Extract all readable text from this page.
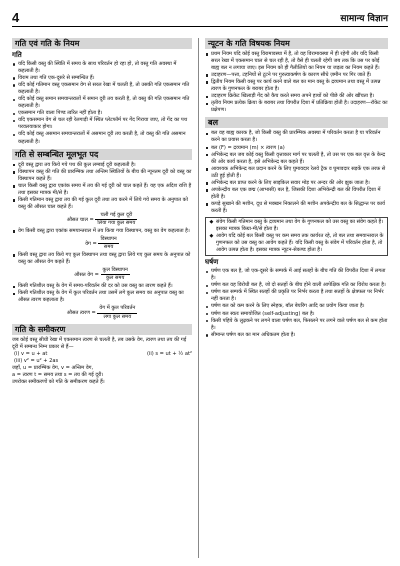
4	सामान्य विज्ञान
गति एवं गति के नियम
गति
यदि किसी वस्तु की स्थिति में समय के साथ परिवर्तन हो रहा हो, तो वस्तु गति अवस्था में कहलाती है।
विराम तथा गति एक-दूसरे से सम्बन्धित हैं।
यदि कोई गतिमान वस्तु एकसमान वेग से सरल रेखा में चलती है, तो उसकी गति एकसमान गति कहलाती है।
यदि कोई वस्तु समान समयान्तरालों में समान दूरी तय करती है, तो वस्तु की गति एकसमान गति कहलाती है।
एकसमान गति वाला पिण्ड त्वरित नहीं होता है।
यदि एकसमान वेग से चल रही रेलगाड़ी में स्थित प्लेटफॉर्म पर गेंद गिराया जाए, तो गेंद का पथ परवलयाकार होगा।
यदि कोई वस्तु असमान समयान्तरालों में असमान दूरी तय करती है, तो वस्तु की गति असमान कहलाती है।
गति से सम्बन्धित मूलभूत पद
दूरी वस्तु द्वारा तय किये गये पथ की कुल लम्बाई दूरी कहलाती है।
विस्थापन वस्तु की गति की प्रारम्भिक तथा अन्तिम स्थितियों के बीच की न्यूनतम दूरी को वस्तु का विस्थापन कहते हैं।
चाल किसी वस्तु द्वारा एकांक समय में तय की गई दूरी को चाल कहते हैं। यह एक अदिश राशि है तथा इसका मात्रक मी/से है।
किसी गतिमान वस्तु द्वारा तय की गई कुल दूरी तथा तय करने में लिये गये समय के अनुपात को वस्तु की औसत चाल कहते हैं।
औसत चाल = $\frac{\text{चली गई कुल दूरी}}{\text{लिया गया कुल समय}}$
वेग किसी वस्तु द्वारा एकांक समयान्तराल में तय किया गया विस्थापन, वस्तु का वेग कहलाता है।
वेग = $\frac{\text{विस्थापन}}{\text{समय}}$
किसी वस्तु द्वारा तय किये गए कुल विस्थापन तथा वस्तु द्वारा लिये गए कुल समय के अनुपात को वस्तु का औसत वेग कहते हैं।
औसत वेग = $\frac{\text{कुल विस्थापन}}{\text{कुल समय}}$
किसी गतिशील वस्तु के वेग में समय-परिवर्तन की दर को उस वस्तु का त्वरण कहते हैं।
किसी गतिशील वस्तु के वेग में कुल परिवर्तन तथा उसमें लगे कुल समय का अनुपात वस्तु का औसत त्वरण कहलाता है।
औसत त्वरण = $\frac{\text{वेग में कुल परिवर्तन}}{\text{लगा कुल समय}}$
गति के समीकरण

जब कोई वस्तु सीधी रेखा में एकसमान त्वरण से चलती है, तब उसके वेग, त्वरण तथा तय की गई दूरी में सम्बन्ध निम्न प्रकार से हैं—

(i) v = u + at	(ii) s = ut + ½ at²

(iii) v² = u² + 2as

जहाँ, u = प्रारम्भिक वेग, v = अन्तिम वेग,

a = त्वरण t = समय तथा s = तय की गई दूरी।

उपरोक्त समीकरणों को गति के समीकरण कहते हैं।

न्यूटन के गति विषयक नियम
प्रथम नियम यदि कोई वस्तु विरामावस्था में है, तो वह विरामावस्था में ही रहेगी और यदि किसी सरल रेखा में एकसमान चाल से चल रही है, तो वैसे ही चलती रहेगी जब तक कि उस पर कोई बाह्य बल न लगाया जाए। इस नियम को ही गैलीलियो का नियम या जड़त्व का नियम कहते हैं।
उदाहरण—पत्ता, टहनियों से टूटने पर गुरुत्वाकर्षण के कारण सीधे ज़मीन पर गिर जाते हैं।
द्वितीय नियम किसी वस्तु पर कार्य करने वाले बल का मान वस्तु के द्रव्यमान तथा वस्तु में उत्पन्न त्वरण के गुणनफल के बराबर होता है।
उदाहरण क्रिकेट खिलाड़ी गेंद को कैच करते समय अपने हाथों को पीछे की ओर खींचता है।
तृतीय नियम प्रत्येक क्रिया के बराबर तथा विपरीत दिशा में प्रतिक्रिया होती है। उदाहरण—रॉकेट का प्रक्षेपण।
बल
बल वह बाह्य कारक है, जो किसी वस्तु की प्रारम्भिक अवस्था में परिवर्तन करता है या परिवर्तन करने का प्रयास करता है।
बल (F) = द्रव्यमान (m) × त्वरण (a)
अभिकेन्द्र बल जब कोई वस्तु किसी वृत्ताकार मार्ग पर चलती है, तो उस पर एक बल वृत्त के केन्द्र की ओर कार्य करता है, इसे अभिकेन्द्र बल कहते हैं।
आवश्यक अभिकेन्द्र बल प्रदान करने के लिए घुमावदार रेलवे ट्रैक व घुमावदार सड़कें एक तरफ़ से उठी हुई होती हैं।
अभिकेन्द्र बल प्राप्त करने के लिए साइकिल सवार मोड़ पर अन्दर की ओर झुक जाता है।
अपकेन्द्रीय बल एक छद्म (आभासी) बल है, जिसकी दिशा अभिकेन्द्री बल की विपरीत दिशा में होती है।
कपड़े सुखाने की मशीन, दूध से मक्खन निकालने की मशीन अपकेन्द्रीय बल के सिद्धान्त पर कार्य करती हैं।
◆ संवेग किसी गतिमान वस्तु के द्रव्यमान तथा वेग के गुणनफल को उस वस्तु का संवेग कहते हैं। इसका मात्रक किग्रा-मी/से होता है।
◆ आवेग यदि कोई बल किसी वस्तु पर कम समय तक कार्यरत रहे, तो बल तथा समयान्तराल के गुणनफल को उस वस्तु का आवेग कहते हैं। यदि किसी वस्तु के संवेग में परिवर्तन होता है, तो आवेग उत्पन्न होता है। इसका मात्रक न्यूटन-सेकण्ड होता है।
घर्षण
घर्षण एक बल है, जो एक-दूसरे के सम्पर्क में आई सतहों के बीच गति की विपरीत दिशा में लगता है।
घर्षण बल वह विरोधी बल है, जो दो सतहों के बीच होने वाली आपेक्षिक गति का विरोध करता है।
घर्षण बल सम्पर्क में स्थित सतहों की प्रकृति पर निर्भर करता है तथा सतहों के क्षेत्रफल पर निर्भर नहीं करता है।
घर्षण बल को कम करने के लिए स्नेहक, बॉल बेयरिंग आदि का प्रयोग किया जाता है।
घर्षण बल स्वतः समायोजित (self-adjusting) बल है।
किसी पहिये के लुढ़कने पर लगने वाला घर्षण बल, फिसलने पर लगने वाले घर्षण बल से कम होता है।
सीमान्त घर्षण बल का मान अधिकतम होता है।
